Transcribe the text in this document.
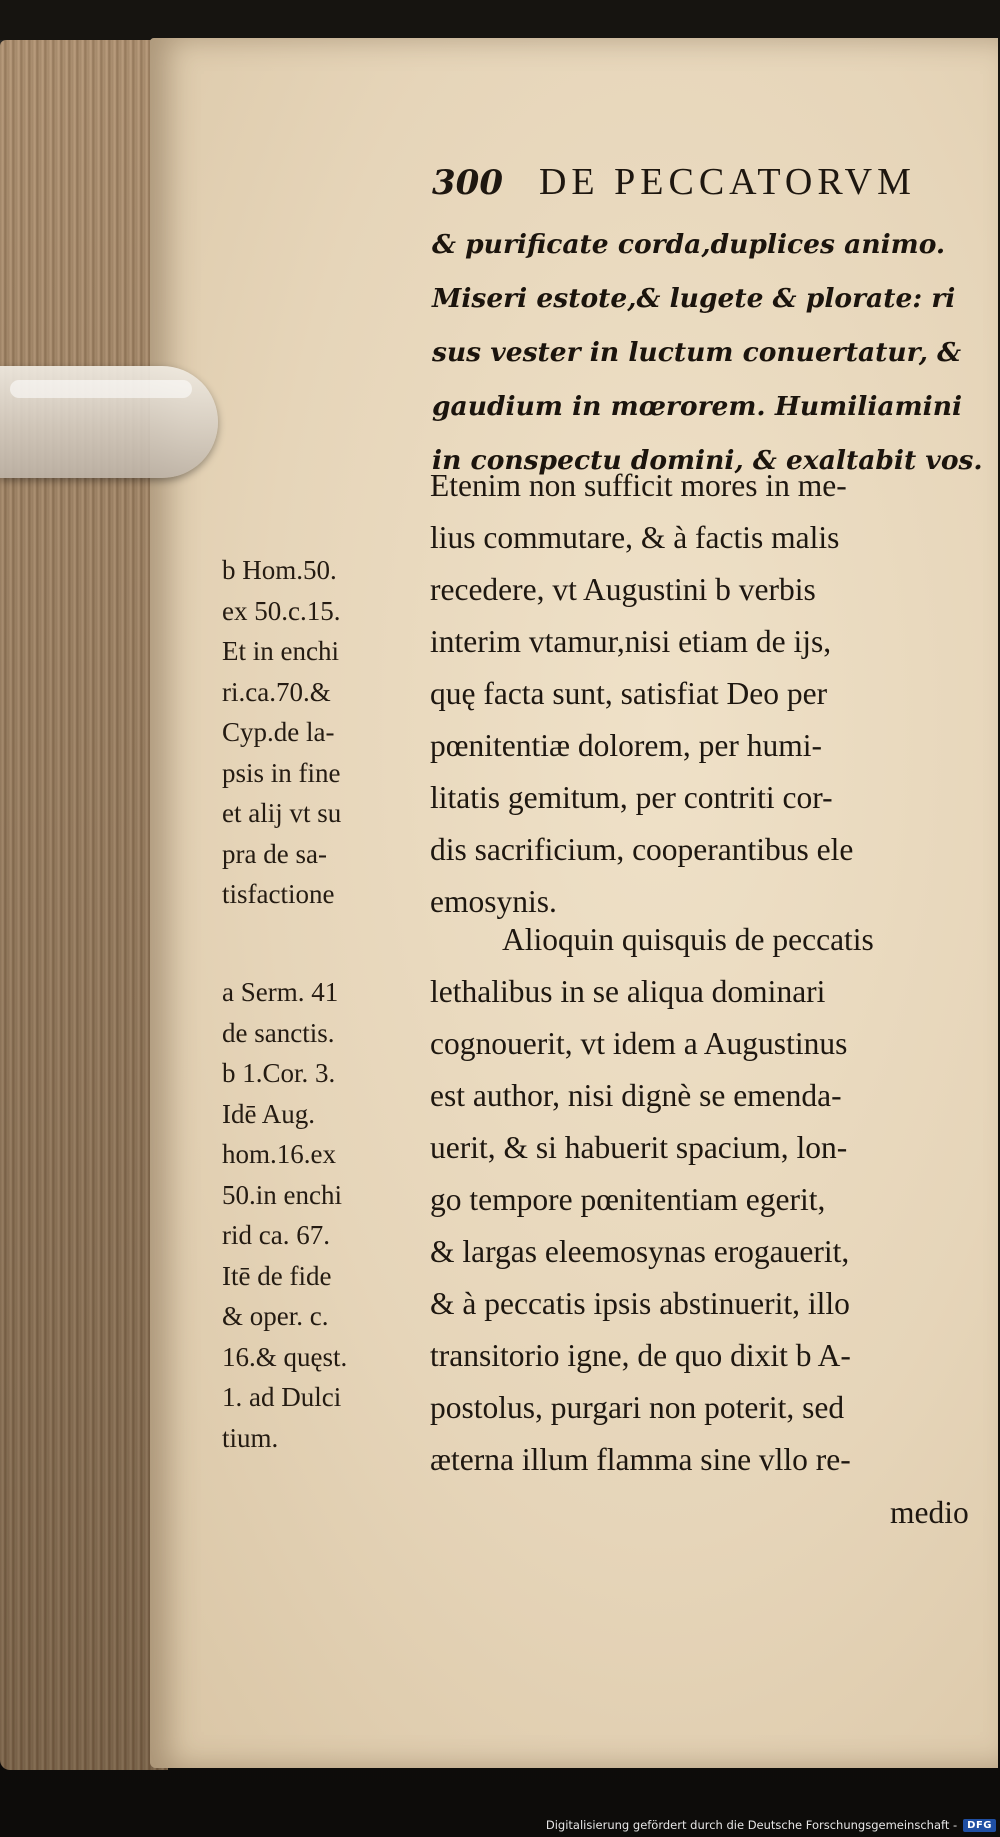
300 DE PECCATORVM
& purificate corda,duplices animo.
Miseri estote,& lugete & plorate: ri
sus vester in luctum conuertatur, &
gaudium in mœrorem. Humiliamini
in conspectu domini, & exaltabit vos.
Etenim non sufficit mores in me-
lius commutare, & à factis malis
recedere, vt Augustini b verbis
interim vtamur,nisi etiam de ijs,
quę facta sunt, satisfiat Deo per
pœnitentiæ dolorem, per humi-
litatis gemitum, per contriti cor-
dis sacrificium, cooperantibus ele
emosynis.
Alioquin quisquis de peccatis
lethalibus in se aliqua dominari
cognouerit, vt idem a Augustinus
est author, nisi dignè se emenda-
uerit, & si habuerit spacium, lon-
go tempore pœnitentiam egerit,
& largas eleemosynas erogauerit,
& à peccatis ipsis abstinuerit, illo
transitorio igne, de quo dixit b A-
postolus, purgari non poterit, sed
æterna illum flamma sine vllo re-
medio
b Hom.50.
ex 50.c.15.
Et in enchi
ri.ca.70.&
Cyp.de la-
psis in fine
et alij vt su
pra de sa-
tisfactione
a Serm. 41
de sanctis.
b 1.Cor. 3.
Idē Aug.
hom.16.ex
50.in enchi
rid ca. 67.
Itē de fide
& oper. c.
16.& quęst.
1. ad Dulci
tium.
Digitalisierung gefördert durch die Deutsche Forschungsgemeinschaft -	DFG
